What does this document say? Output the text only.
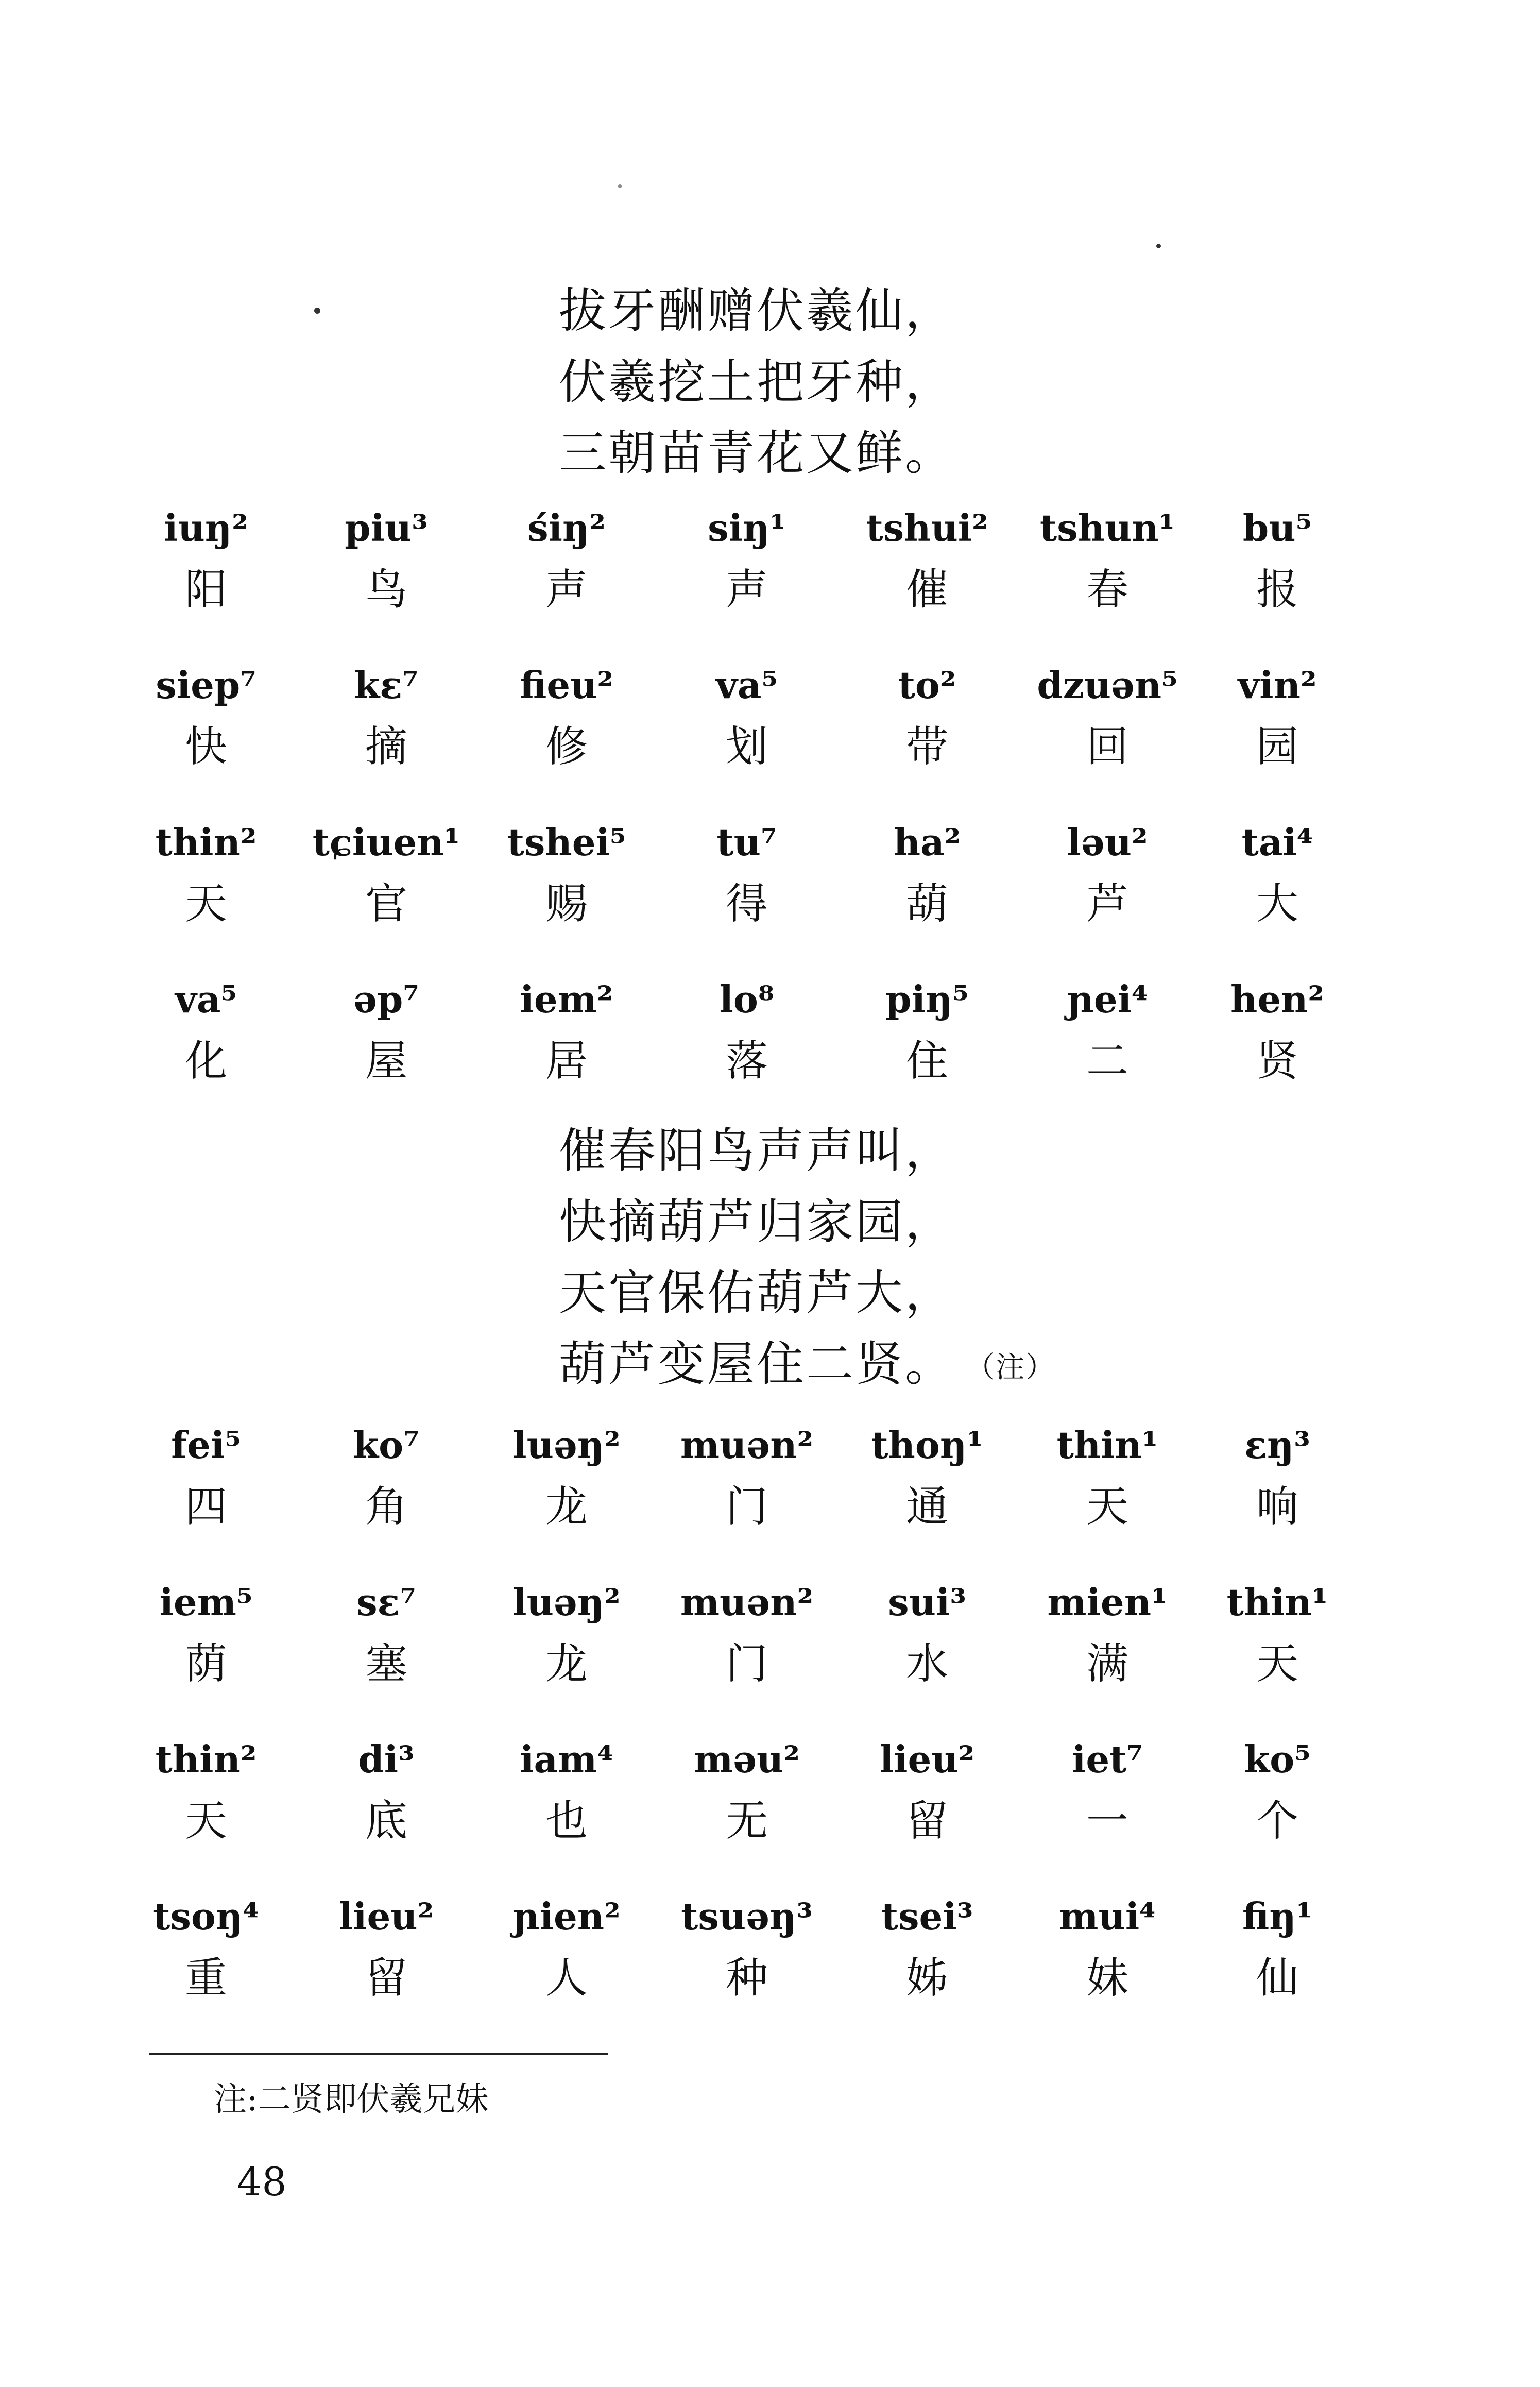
拔牙酬赠伏羲仙，
伏羲挖土把牙种，
三朝苗青花又鲜。
iuŋ²
阳
piu³
鸟
śiŋ²
声
siŋ¹
声
tshui²
催
tshun¹
春
bu⁵
报
siep⁷
快
kɛ⁷
摘
fieu²
修
va⁵
划
to²
带
dzuən⁵
回
vin²
园
thin²
天
tɕiuen¹
官
tshei⁵
赐
tu⁷
得
ha²
葫
ləu²
芦
tai⁴
大
va⁵
化
əp⁷
屋
iem²
居
lo⁸
落
piŋ⁵
住
ɲei⁴
二
hen²
贤
催春阳鸟声声叫，
快摘葫芦归家园，
天官保佑葫芦大，
葫芦变屋住二贤。 （注）
fei⁵
四
ko⁷
角
luəŋ²
龙
muən²
门
thoŋ¹
通
thin¹
天
ɛŋ³
响
iem⁵
荫
sɛ⁷
塞
luəŋ²
龙
muən²
门
sui³
水
mien¹
满
thin¹
天
thin²
天
di³
底
iam⁴
也
məu²
无
lieu²
留
iet⁷
一
ko⁵
个
tsoŋ⁴
重
lieu²
留
ɲien²
人
tsuəŋ³
种
tsei³
姊
mui⁴
妹
fiŋ¹
仙
注:二贤即伏羲兄妹
48
